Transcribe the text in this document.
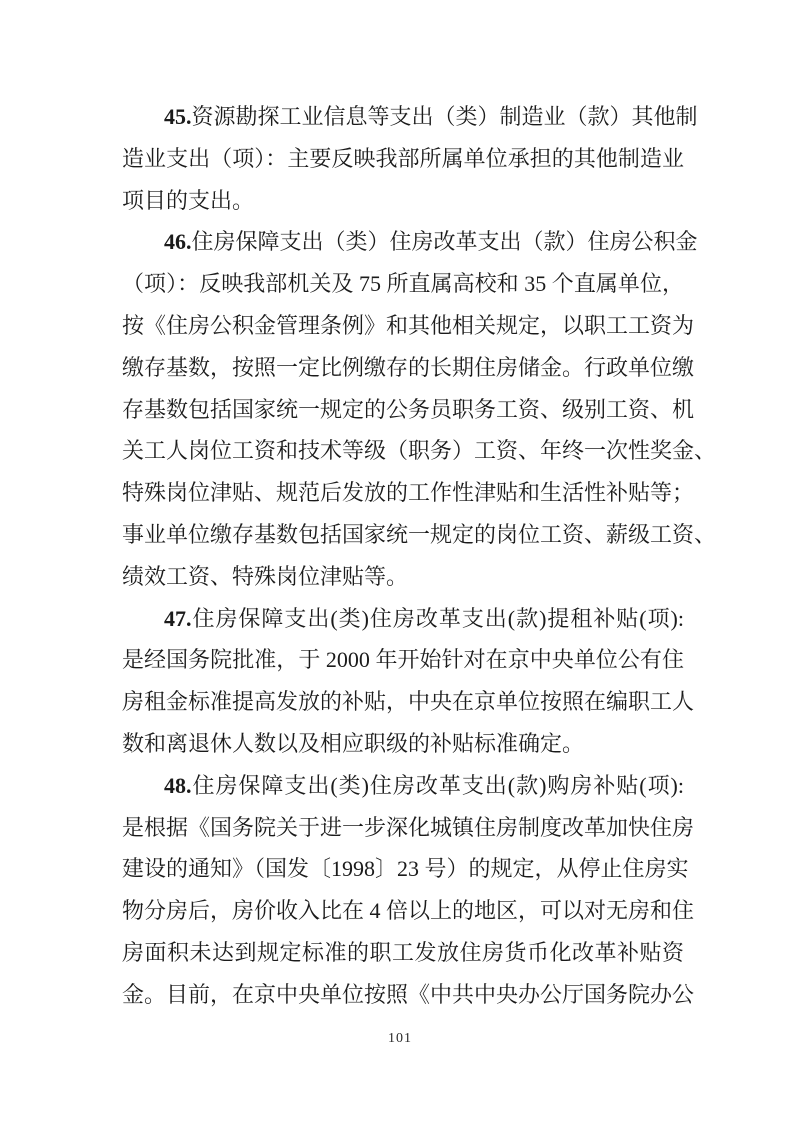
45.资源勘探工业信息等支出（类）制造业（款）其他制
造业支出（项）：主要反映我部所属单位承担的其他制造业
项目的支出。
46.住房保障支出（类）住房改革支出（款）住房公积金
（项）：反映我部机关及 75 所直属高校和 35 个直属单位，
按《住房公积金管理条例》和其他相关规定，以职工工资为
缴存基数，按照一定比例缴存的长期住房储金。行政单位缴
存基数包括国家统一规定的公务员职务工资、级别工资、机
关工人岗位工资和技术等级（职务）工资、年终一次性奖金、
特殊岗位津贴、规范后发放的工作性津贴和生活性补贴等；
事业单位缴存基数包括国家统一规定的岗位工资、薪级工资、
绩效工资、特殊岗位津贴等。
47.住房保障支出(类)住房改革支出(款)提租补贴(项):
是经国务院批准，于 2000 年开始针对在京中央单位公有住
房租金标准提高发放的补贴，中央在京单位按照在编职工人
数和离退休人数以及相应职级的补贴标准确定。
48.住房保障支出(类)住房改革支出(款)购房补贴(项):
是根据《国务院关于进一步深化城镇住房制度改革加快住房
建设的通知》（国发〔1998〕23 号）的规定，从停止住房实
物分房后，房价收入比在 4 倍以上的地区，可以对无房和住
房面积未达到规定标准的职工发放住房货币化改革补贴资
金。目前，在京中央单位按照《中共中央办公厅国务院办公
101
